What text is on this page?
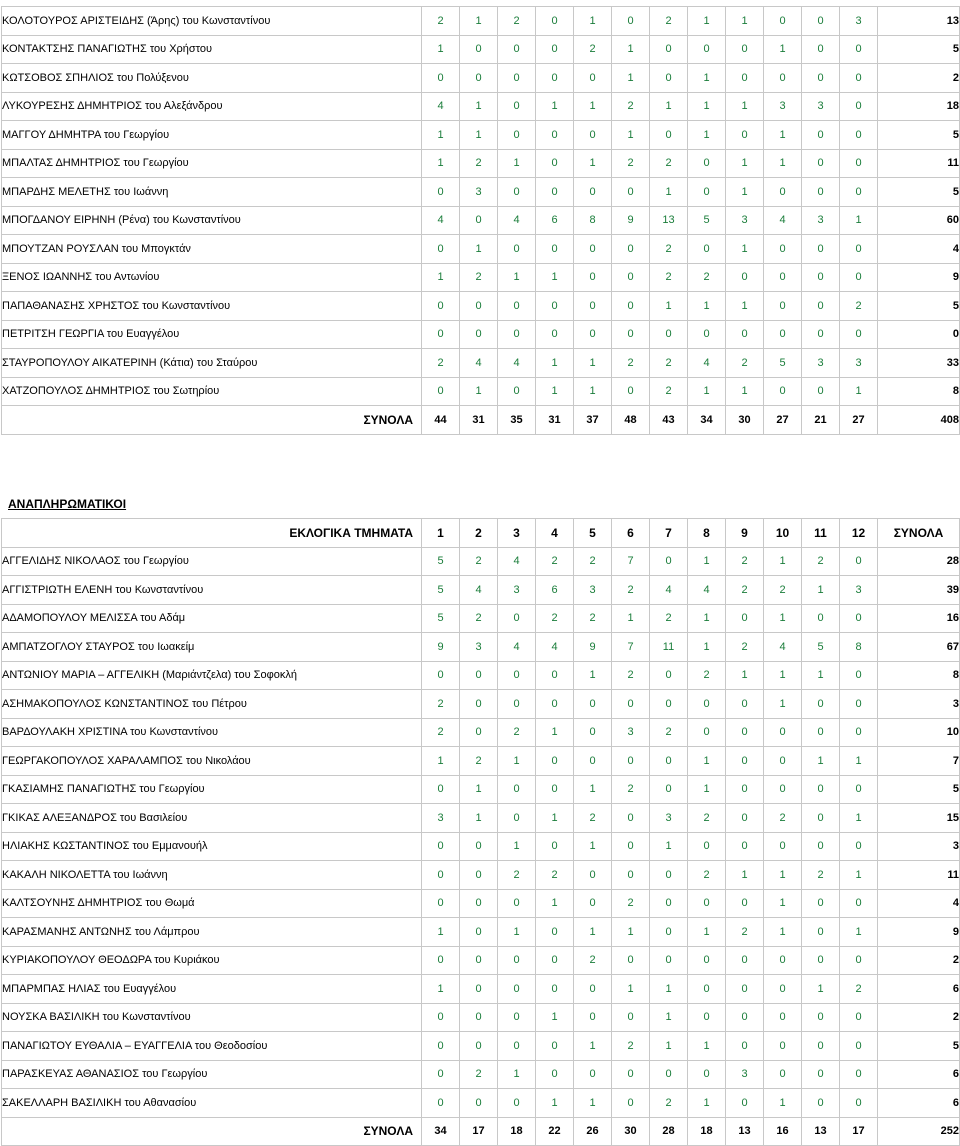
ΚΟΛΟΤΟΥΡΟΣ ΑΡΙΣΤΕΙΔΗΣ (Άρης) του Κωνσταντίνου	2	1	2	0	1	0	2	1	1	0	0	3	13
ΚΟΝΤΑΚΤΣΗΣ ΠΑΝΑΓΙΩΤΗΣ του Χρήστου	1	0	0	0	2	1	0	0	0	1	0	0	5
ΚΩΤΣΟΒΟΣ ΣΠΗΛΙΟΣ του Πολύξενου	0	0	0	0	0	1	0	1	0	0	0	0	2
ΛΥΚΟΥΡΕΣΗΣ ΔΗΜΗΤΡΙΟΣ του Αλεξάνδρου	4	1	0	1	1	2	1	1	1	3	3	0	18
ΜΑΓΓΟΥ ΔΗΜΗΤΡΑ του Γεωργίου	1	1	0	0	0	1	0	1	0	1	0	0	5
ΜΠΑΛΤΑΣ ΔΗΜΗΤΡΙΟΣ του Γεωργίου	1	2	1	0	1	2	2	0	1	1	0	0	11
ΜΠΑΡΔΗΣ ΜΕΛΕΤΗΣ του Ιωάννη	0	3	0	0	0	0	1	0	1	0	0	0	5
ΜΠΟΓΔΑΝΟΥ ΕΙΡΗΝΗ (Ρένα) του Κωνσταντίνου	4	0	4	6	8	9	13	5	3	4	3	1	60
ΜΠΟΥΤΖΑΝ ΡΟΥΣΛΑΝ του Μπογκτάν	0	1	0	0	0	0	2	0	1	0	0	0	4
ΞΕΝΟΣ ΙΩΑΝΝΗΣ του Αντωνίου	1	2	1	1	0	0	2	2	0	0	0	0	9
ΠΑΠΑΘΑΝΑΣΗΣ ΧΡΗΣΤΟΣ του Κωνσταντίνου	0	0	0	0	0	0	1	1	1	0	0	2	5
ΠΕΤΡΙΤΣΗ ΓΕΩΡΓΙΑ του Ευαγγέλου	0	0	0	0	0	0	0	0	0	0	0	0	0
ΣΤΑΥΡΟΠΟΥΛΟΥ ΑΙΚΑΤΕΡΙΝΗ (Κάτια) του Σταύρου	2	4	4	1	1	2	2	4	2	5	3	3	33
ΧΑΤΖΟΠΟΥΛΟΣ ΔΗΜΗΤΡΙΟΣ του Σωτηρίου	0	1	0	1	1	0	2	1	1	0	0	1	8
ΣΥΝΟΛΑ	44	31	35	31	37	48	43	34	30	27	21	27	408
ΑΝΑΠΛΗΡΩΜΑΤΙΚΟΙ
ΕΚΛΟΓΙΚΑ ΤΜΗΜΑΤΑ	1	2	3	4	5	6	7	8	9	10	11	12	ΣΥΝΟΛΑ
ΑΓΓΕΛΙΔΗΣ ΝΙΚΟΛΑΟΣ του Γεωργίου	5	2	4	2	2	7	0	1	2	1	2	0	28
ΑΓΓΙΣΤΡΙΩΤΗ ΕΛΕΝΗ του Κωνσταντίνου	5	4	3	6	3	2	4	4	2	2	1	3	39
ΑΔΑΜΟΠΟΥΛΟΥ ΜΕΛΙΣΣΑ του Αδάμ	5	2	0	2	2	1	2	1	0	1	0	0	16
ΑΜΠΑΤΖΟΓΛΟΥ ΣΤΑΥΡΟΣ του Ιωακείμ	9	3	4	4	9	7	11	1	2	4	5	8	67
ΑΝΤΩΝΙΟΥ ΜΑΡΙΑ – ΑΓΓΕΛΙΚΗ (Μαριάντζελα) του Σοφοκλή	0	0	0	0	1	2	0	2	1	1	1	0	8
ΑΣΗΜΑΚΟΠΟΥΛΟΣ ΚΩΝΣΤΑΝΤΙΝΟΣ του Πέτρου	2	0	0	0	0	0	0	0	0	1	0	0	3
ΒΑΡΔΟΥΛΑΚΗ ΧΡΙΣΤΙΝΑ του Κωνσταντίνου	2	0	2	1	0	3	2	0	0	0	0	0	10
ΓΕΩΡΓΑΚΟΠΟΥΛΟΣ ΧΑΡΑΛΑΜΠΟΣ του Νικολάου	1	2	1	0	0	0	0	1	0	0	1	1	7
ΓΚΑΣΙΑΜΗΣ ΠΑΝΑΓΙΩΤΗΣ του Γεωργίου	0	1	0	0	1	2	0	1	0	0	0	0	5
ΓΚΙΚΑΣ ΑΛΕΞΑΝΔΡΟΣ του Βασιλείου	3	1	0	1	2	0	3	2	0	2	0	1	15
ΗΛΙΑΚΗΣ ΚΩΣΤΑΝΤΙΝΟΣ του Εμμανουήλ	0	0	1	0	1	0	1	0	0	0	0	0	3
ΚΑΚΑΛΗ ΝΙΚΟΛΕΤΤΑ του Ιωάννη	0	0	2	2	0	0	0	2	1	1	2	1	11
ΚΑΛΤΣΟΥΝΗΣ ΔΗΜΗΤΡΙΟΣ του Θωμά	0	0	0	1	0	2	0	0	0	1	0	0	4
ΚΑΡΑΣΜΑΝΗΣ ΑΝΤΩΝΗΣ του Λάμπρου	1	0	1	0	1	1	0	1	2	1	0	1	9
ΚΥΡΙΑΚΟΠΟΥΛΟΥ ΘΕΟΔΩΡΑ του Κυριάκου	0	0	0	0	2	0	0	0	0	0	0	0	2
ΜΠΑΡΜΠΑΣ ΗΛΙΑΣ του Ευαγγέλου	1	0	0	0	0	1	1	0	0	0	1	2	6
ΝΟΥΣΚΑ ΒΑΣΙΛΙΚΗ του Κωνσταντίνου	0	0	0	1	0	0	1	0	0	0	0	0	2
ΠΑΝΑΓΙΩΤΟΥ ΕΥΘΑΛΙΑ – ΕΥΑΓΓΕΛΙΑ του Θεοδοσίου	0	0	0	0	1	2	1	1	0	0	0	0	5
ΠΑΡΑΣΚΕΥΑΣ ΑΘΑΝΑΣΙΟΣ του Γεωργίου	0	2	1	0	0	0	0	0	3	0	0	0	6
ΣΑΚΕΛΛΑΡΗ ΒΑΣΙΛΙΚΗ του Αθανασίου	0	0	0	1	1	0	2	1	0	1	0	0	6
ΣΥΝΟΛΑ	34	17	18	22	26	30	28	18	13	16	13	17	252
